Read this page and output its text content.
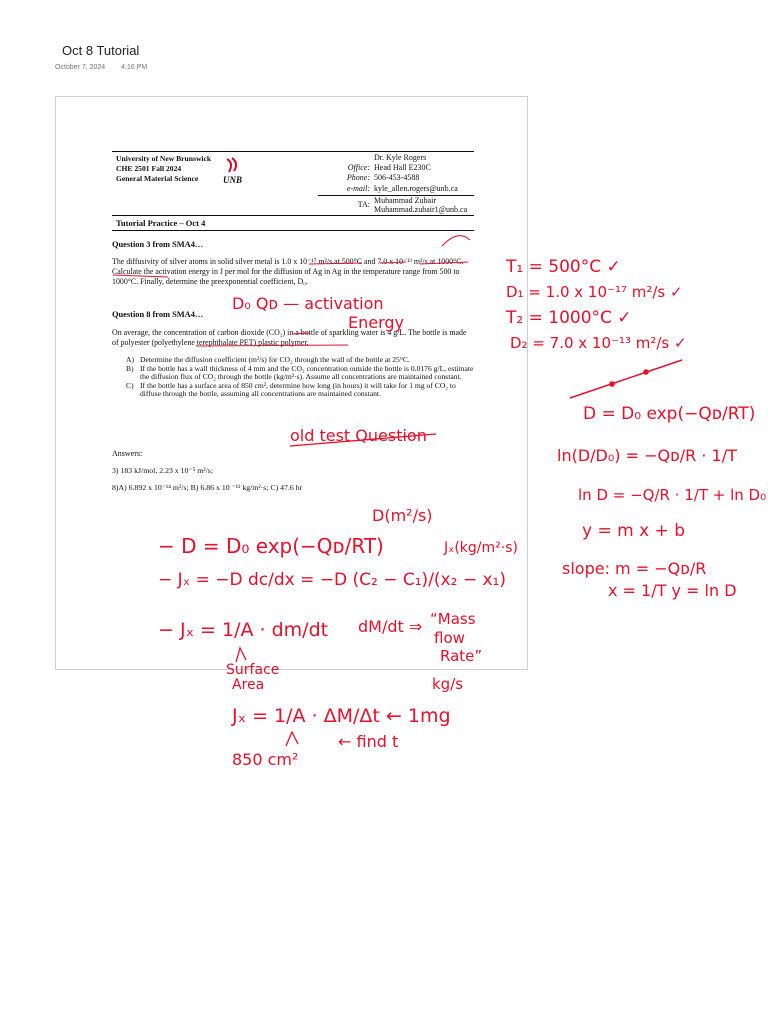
Oct 8 Tutorial
October 7, 2024 4:16 PM
University of New Brunswick
CHE 2501 Fall 2024
General Material Science	UNB
Dr. Kyle Rogers
Office: Head Hall E230C
Phone: 506-453-4588
e-mail: kyle_allen.rogers@unb.ca
TA: Muhammad Zubair
Muhammad.zubair1@unb.ca
Tutorial Practice – Oct 4
Question 3 from SMA4…
The diffusivity of silver atoms in solid silver metal is 1.0 x 10⁻¹⁷ m²/s at 500°C and 7.0 x 10⁻¹³ m²/s at 1000°C. Calculate the activation energy in J per mol for the diffusion of Ag in Ag in the temperature range from 500 to 1000°C. Finally, determine the preexponential coefficient, D₀.
Question 8 from SMA4…
On average, the concentration of carbon dioxide (CO₂) in a bottle of sparkling water is 4 g/L. The bottle is made of polyester (polyethylene terephthalate PET) plastic polymer.
A) Determine the diffusion coefficient (m²/s) for CO₂ through the wall of the bottle at 25°C.
B) If the bottle has a wall thickness of 4 mm and the CO₂ concentration outside the bottle is 0.0176 g/L, estimate the diffusion flux of CO₂ through the bottle (kg/m²·s). Assume all concentrations are maintained constant.
C) If the bottle has a surface area of 850 cm², determine how long (in hours) it will take for 1 mg of CO₂ to diffuse through the bottle, assuming all concentrations are maintained constant.
Answers:
3) 183 kJ/mol, 2.23 x 10⁻⁵ m²/s;
8)A) 6.892 x 10⁻¹⁴ m²/s; B) 6.86 x 10 ⁻¹¹ kg/m²·s; C) 47.6 hr
T₁ = 500°C ✓
D₁ = 1.0 x 10⁻¹⁷ m²/s ✓
T₂ = 1000°C ✓
D₂ = 7.0 x 10⁻¹³ m²/s ✓
D₀ Qᴅ — activation
Energy
D = D₀ exp(−Qᴅ/RT)
ln(D/D₀) = −Qᴅ/R · 1/T
ln D = −Q/R · 1/T + ln D₀
y = m x + b
slope: m = −Qᴅ/R
x = 1/T y = ln D
old test Question
D(m²/s)
− D = D₀ exp(−Qᴅ/RT)	Jₓ(kg/m²·s)
− Jₓ = −D dc/dx = −D (C₂ − C₁)/(x₂ − x₁)
− Jₓ = 1/A · dm/dt dM/dt ⇒ “Mass
flow
Rate”
kg/s
Surface
Area
Jₓ = 1/A · ΔM/Δt ← 1mg
← find t
850 cm²
